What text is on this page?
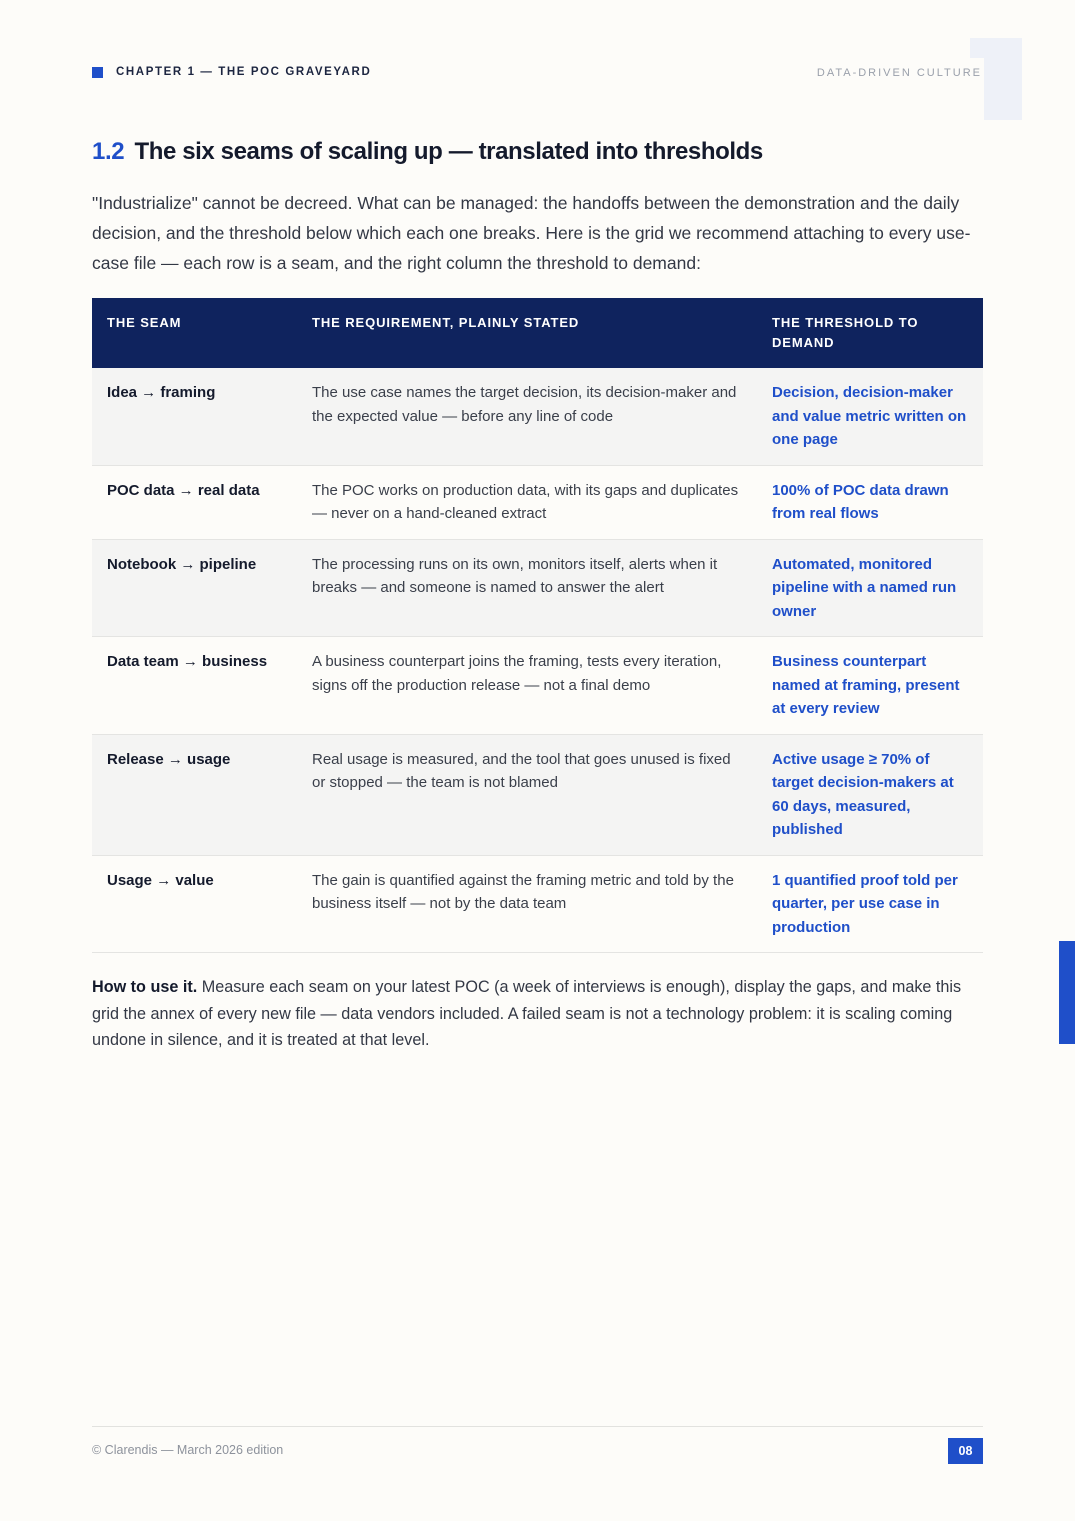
CHAPTER 1 — THE POC GRAVEYARD	DATA-DRIVEN CULTURE
1.2 The six seams of scaling up — translated into thresholds

"Industrialize" cannot be decreed. What can be managed: the handoffs between the demonstration and the daily decision, and the threshold below which each one breaks. Here is the grid we recommend attaching to every use-case file — each row is a seam, and the right column the threshold to demand:

THE SEAM	THE REQUIREMENT, PLAINLY STATED	THE THRESHOLD TO DEMAND
Idea → framing	The use case names the target decision, its decision-maker and the expected value — before any line of code	Decision, decision-maker and value metric written on one page
POC data → real data	The POC works on production data, with its gaps and duplicates — never on a hand-cleaned extract	100% of POC data drawn from real flows
Notebook → pipeline	The processing runs on its own, monitors itself, alerts when it breaks — and someone is named to answer the alert	Automated, monitored pipeline with a named run owner
Data team → business	A business counterpart joins the framing, tests every iteration, signs off the production release — not a final demo	Business counterpart named at framing, present at every review
Release → usage	Real usage is measured, and the tool that goes unused is fixed or stopped — the team is not blamed	Active usage ≥ 70% of target decision-makers at 60 days, measured, published
Usage → value	The gain is quantified against the framing metric and told by the business itself — not by the data team	1 quantified proof told per quarter, per use case in production

How to use it. Measure each seam on your latest POC (a week of interviews is enough), display the gaps, and make this grid the annex of every new file — data vendors included. A failed seam is not a technology problem: it is scaling coming undone in silence, and it is treated at that level.

© Clarendis — March 2026 edition	08
